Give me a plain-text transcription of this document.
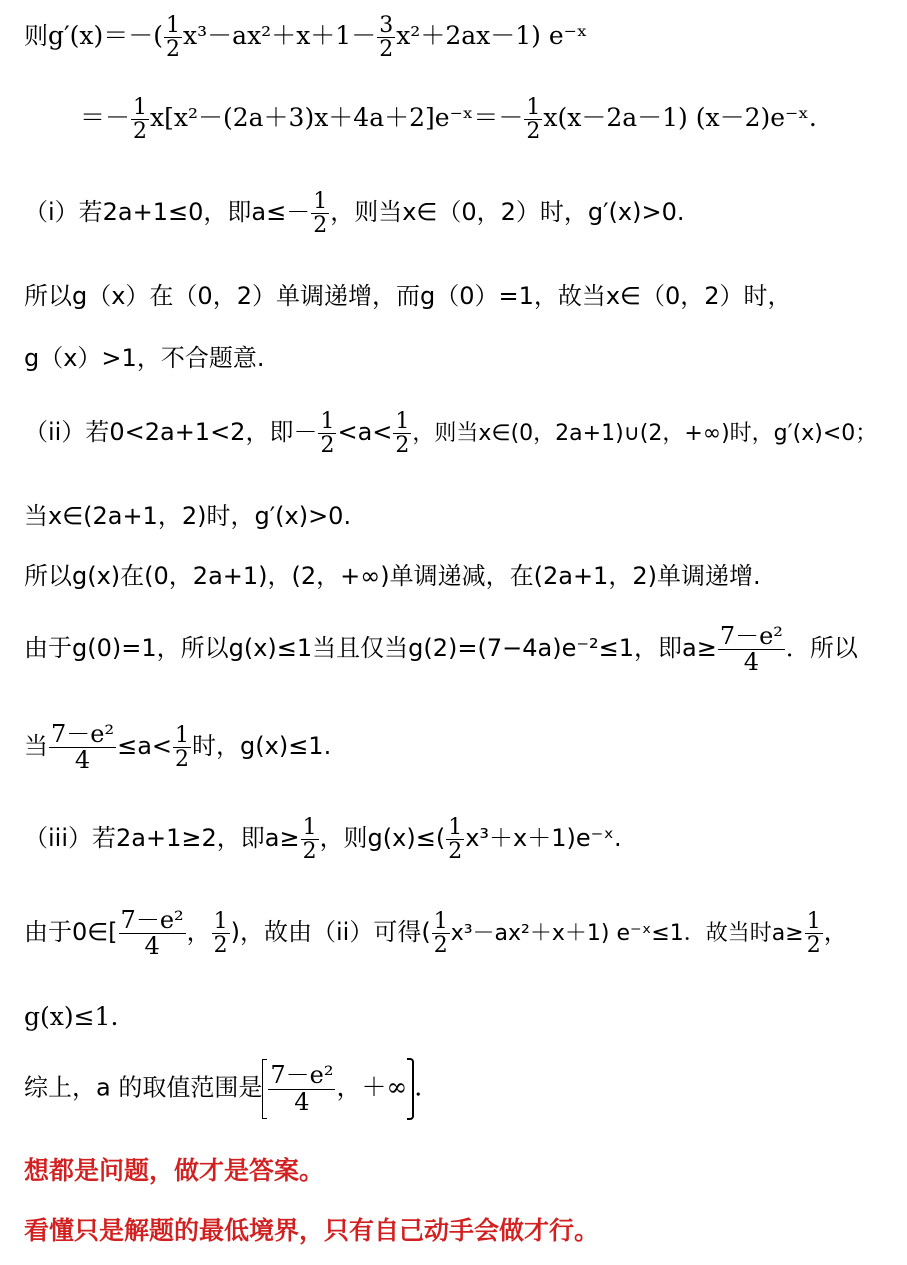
则$g'(x)=-( \frac{1}{2} x^3-ax^2+x+1- \frac{3}{2} x^2+2ax-1)$ e⁻ˣ
＝－ $\frac{1}{2}$ x[x²－(2a＋3)x＋4a＋2]e⁻ˣ＝－ $\frac{1}{2} x(x-2a-1)$ (x－2)e⁻ˣ.
（i）若2a+1≤0，即$a\le- \frac{1}{2}$ ，则当x∈（0，2）时，g′(x)>0.
所以g（x）在（0，2）单调递增，而g（0）=1，故当x∈（0，2）时，
g（x）>1，不合题意.
（ii）若0<2a+1<2，即－ $\frac{1}{2} <a< \frac{1}{2}$ ，则当x∈(0，2a+1)∪(2，+∞)时，g′(x)<0；
当x∈(2a+1，2)时，g′(x)>0.
所以g(x)在(0，2a+1)，(2，+∞)单调递减，在(2a+1，2)单调递增.
由于g(0)=1，所以g(x)≤1当且仅当g(2)=(7−4a)e⁻²≤1，即$a\ge \frac{\text{7－e²}}{4}$ ．所以
当 $\frac{\text{7－e²}}{4} \le a< \frac{1}{2}$ 时，g(x)≤1.
（iii）若2a+1≥2，即$a\ge \frac{1}{2}$ ，则$g(x)\le( \frac{1}{2}$ x³＋x＋1)e⁻ˣ.
由于0∈[ $\frac{\text{7－e²}}{4}$ ， $\frac{1}{2}$ )，故由（ii）可得( $\frac{1}{2} x^3-ax^2+x+1$) e⁻ˣ≤1．故当时$a\ge \frac{1}{2}$ ，
g(x)≤1.
综上，a 的取值范围是 $\frac{\text{7－e²}}{4}$ ，＋∞ .
想都是问题，做才是答案。
看懂只是解题的最低境界，只有自己动手会做才行。
